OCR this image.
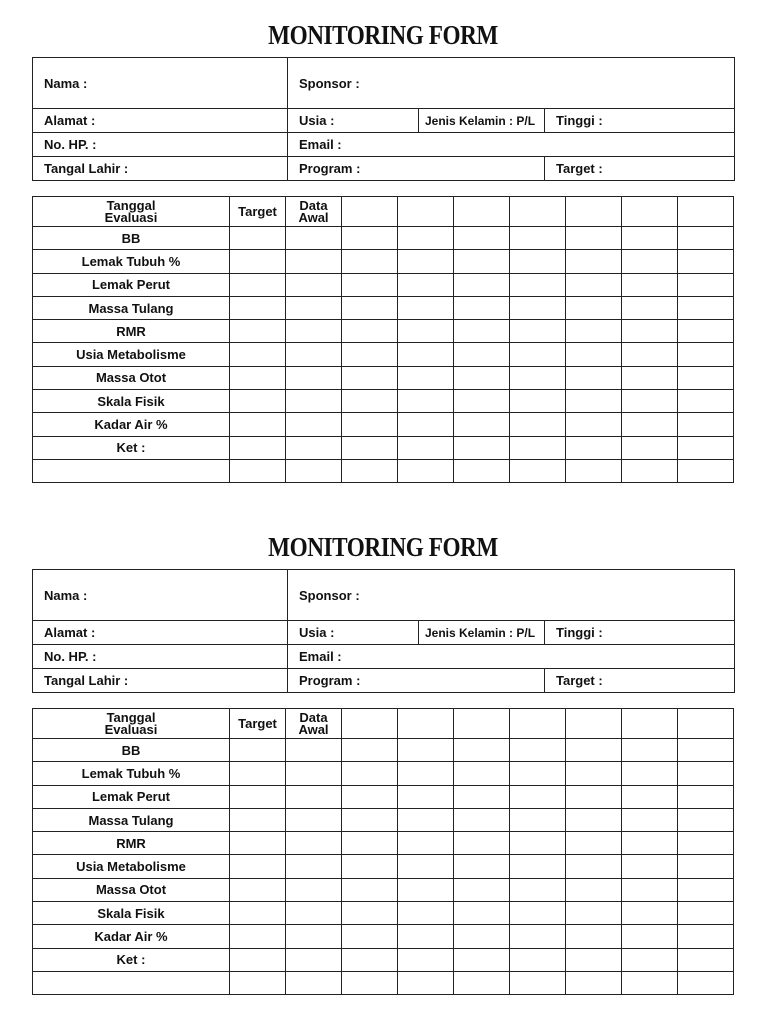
MONITORING FORM
Nama :	Sponsor :		
Alamat :	Usia :	Jenis Kelamin : P/L	Tinggi :
No. HP. :	Email :		
Tangal Lahir :	Program :		Target :
Tanggal
Evaluasi	Target	Data
Awal							
BB									
Lemak Tubuh %									
Lemak Perut									
Massa Tulang									
RMR									
Usia Metabolisme									
Massa Otot									
Skala Fisik									
Kadar Air %									
Ket :									

MONITORING FORM
Nama :	Sponsor :		
Alamat :	Usia :	Jenis Kelamin : P/L	Tinggi :
No. HP. :	Email :		
Tangal Lahir :	Program :		Target :
Tanggal
Evaluasi	Target	Data
Awal							
BB									
Lemak Tubuh %									
Lemak Perut									
Massa Tulang									
RMR									
Usia Metabolisme									
Massa Otot									
Skala Fisik									
Kadar Air %									
Ket :									
